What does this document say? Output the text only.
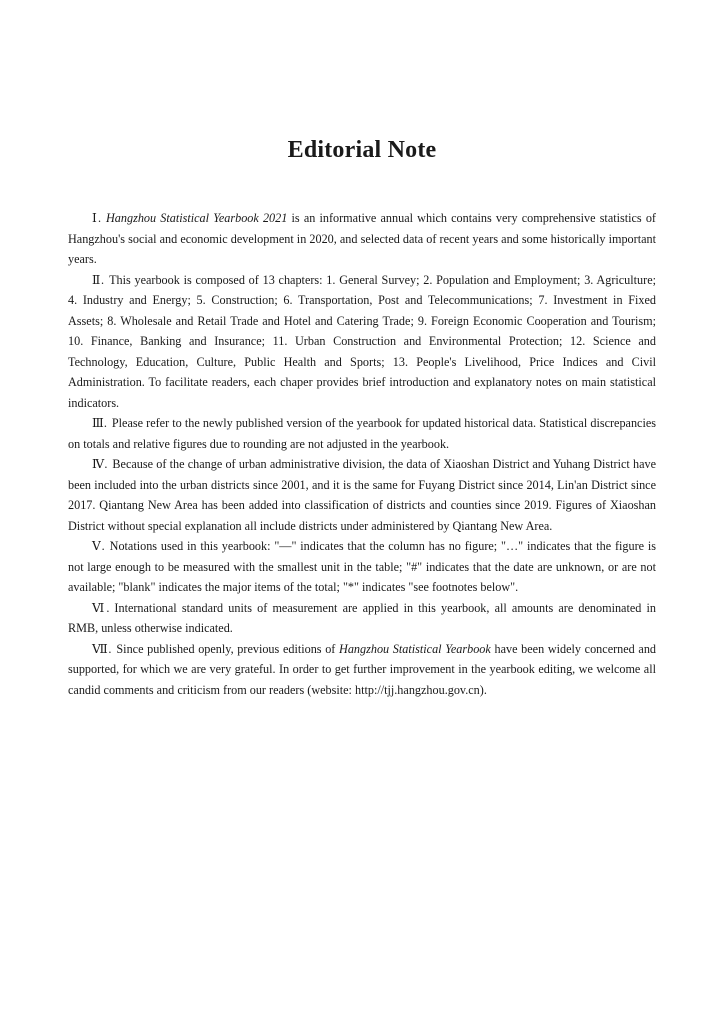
Editorial Note

Ⅰ. Hangzhou Statistical Yearbook 2021 is an informative annual which contains very comprehensive statistics of Hangzhou's social and economic development in 2020, and selected data of recent years and some historically important years.

Ⅱ. This yearbook is composed of 13 chapters: 1. General Survey; 2. Population and Employment; 3. Agriculture; 4. Industry and Energy; 5. Construction; 6. Transportation, Post and Telecommunications; 7. Investment in Fixed Assets; 8. Wholesale and Retail Trade and Hotel and Catering Trade; 9. Foreign Economic Cooperation and Tourism; 10. Finance, Banking and Insurance; 11. Urban Construction and Environmental Protection; 12. Science and Technology, Education, Culture, Public Health and Sports; 13. People's Livelihood, Price Indices and Civil Administration. To facilitate readers, each chaper provides brief introduction and explanatory notes on main statistical indicators.

Ⅲ. Please refer to the newly published version of the yearbook for updated historical data. Statistical discrepancies on totals and relative figures due to rounding are not adjusted in the yearbook.

Ⅳ. Because of the change of urban administrative division, the data of Xiaoshan District and Yuhang District have been included into the urban districts since 2001, and it is the same for Fuyang District since 2014, Lin'an District since 2017. Qiantang New Area has been added into classification of districts and counties since 2019. Figures of Xiaoshan District without special explanation all include districts under administered by Qiantang New Area.

Ⅴ. Notations used in this yearbook: "—" indicates that the column has no figure; "…" indicates that the figure is not large enough to be measured with the smallest unit in the table; "#" indicates that the date are unknown, or are not available; "blank" indicates the major items of the total; "*" indicates "see footnotes below".

Ⅵ. International standard units of measurement are applied in this yearbook, all amounts are denominated in RMB, unless otherwise indicated.

Ⅶ. Since published openly, previous editions of Hangzhou Statistical Yearbook have been widely concerned and supported, for which we are very grateful. In order to get further improvement in the yearbook editing, we welcome all candid comments and criticism from our readers (website: http://tjj.hangzhou.gov.cn).
